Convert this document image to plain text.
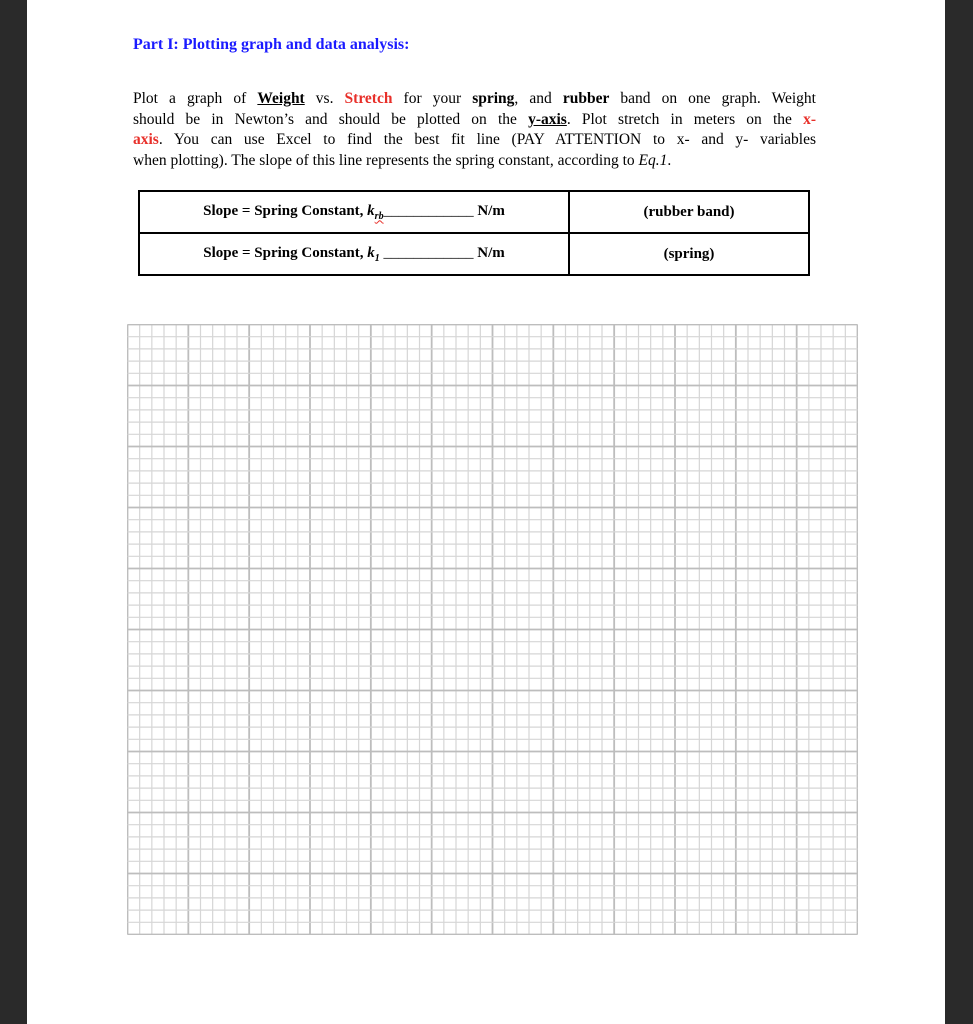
Part I: Plotting graph and data analysis:
Plot a graph of Weight vs. Stretch for your spring, and rubber band on one graph. Weight
should be in Newton’s and should be plotted on the y-axis. Plot stretch in meters on the x-
axis. You can use Excel to find the best fit line (PAY ATTENTION to x- and y- variables
when plotting). The slope of this line represents the spring constant, according to Eq.1.
Slope = Spring Constant, $k_{rb}\_\_\_\_\_\_\_\_\_\_\_\_$ N/m	(rubber band)
Slope = Spring Constant, $k_1$ ____________ N/m	(spring)
